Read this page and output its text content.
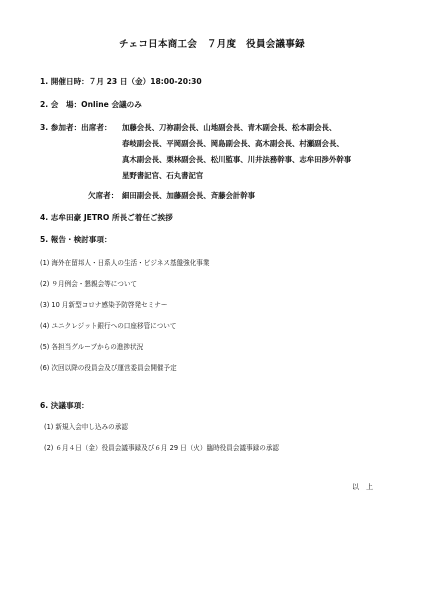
チェコ日本商工会　７月度　役員会議事録
1. 開催日時：７月 23 日（金）18:00-20:30
2. 会　場：Online 会議のみ
3. 参加者：出席者： 加藤会長、刀祢副会長、山地副会長、青木副会長、松本副会長、
春岐副会長、平岡副会長、岡島副会長、高木副会長、村瀬副会長、
真木副会長、栗林副会長、松川監事、川井法務幹事、志牟田渉外幹事
星野書記官、石丸書記官
欠席者： 細田副会長、加藤副会長、斉藤会計幹事
4. 志牟田豪 JETRO 所長ご着任ご挨拶
5. 報告・検討事項：
(1) 海外在留邦人・日系人の生活・ビジネス基盤強化事業
(2) ９月例会・懇親会等について
(3) 10 月新型コロナ感染予防啓発セミナー
(4) ユニクレジット銀行への口座移管について
(5) 各担当グループからの進捗状況
(6) 次回以降の役員会及び運営委員会開催予定
6. 決議事項：
(1) 新規入会申し込みの承認
(2) ６月４日（金）役員会議事録及び６月 29 日（火）臨時役員会議事録の承認
以　上
